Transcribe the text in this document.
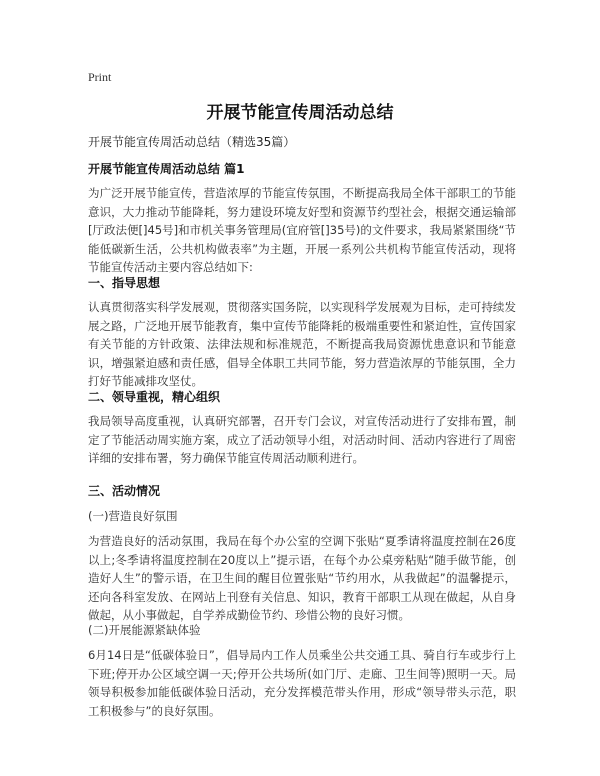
Print
开展节能宣传周活动总结
开展节能宣传周活动总结（精选35篇）
开展节能宣传周活动总结 篇1
为广泛开展节能宣传，营造浓厚的节能宣传氛围，不断提高我局全体干部职工的节能意识，大力推动节能降耗，努力建设环境友好型和资源节约型社会，根据交通运输部[厅政法便[]45号]和市机关事务管理局(宜府管[]35号)的文件要求，我局紧紧围绕“节能低碳新生活，公共机构做表率”为主题，开展一系列公共机构节能宣传活动，现将节能宣传活动主要内容总结如下:
一、指导思想
认真贯彻落实科学发展观，贯彻落实国务院，以实现科学发展观为目标，走可持续发展之路，广泛地开展节能教育，集中宣传节能降耗的极端重要性和紧迫性，宣传国家有关节能的方针政策、法律法规和标准规范，不断提高我局资源忧患意识和节能意识，增强紧迫感和责任感，倡导全体职工共同节能，努力营造浓厚的节能氛围，全力打好节能减排攻坚仗。
二、领导重视，精心组织
我局领导高度重视，认真研究部署，召开专门会议，对宣传活动进行了安排布置，制定了节能活动周实施方案，成立了活动领导小组，对活动时间、活动内容进行了周密详细的安排布署，努力确保节能宣传周活动顺利进行。
三、活动情况
(一)营造良好氛围
为营造良好的活动氛围，我局在每个办公室的空调下张贴“夏季请将温度控制在26度以上;冬季请将温度控制在20度以上”提示语，在每个办公桌旁粘贴“随手做节能，创造好人生”的警示语，在卫生间的醒目位置张贴“节约用水，从我做起”的温馨提示，还向各科室发放、在网站上刊登有关信息、知识，教育干部职工从现在做起，从自身做起，从小事做起，自学养成勤俭节约、珍惜公物的良好习惯。
(二)开展能源紧缺体验
6月14日是“低碳体验日”，倡导局内工作人员乘坐公共交通工具、骑自行车或步行上下班;停开办公区域空调一天;停开公共场所(如门厅、走廊、卫生间等)照明一天。局领导积极参加能低碳体验日活动，充分发挥模范带头作用，形成“领导带头示范，职工积极参与”的良好氛围。
